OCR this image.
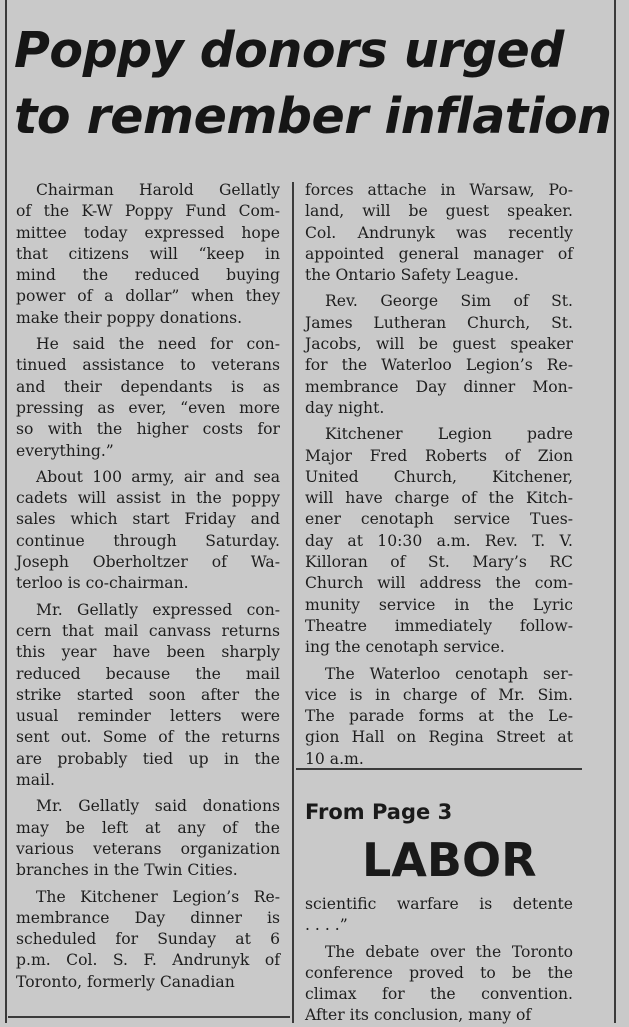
Poppy donors urged
to remember inflation

Chairman Harold Gellatly
of the K-W Poppy Fund Com-
mittee today expressed hope
that citizens will “keep in
mind the reduced buying
power of a dollar” when they
make their poppy donations.

He said the need for con-
tinued assistance to veterans
and their dependants is as
pressing as ever, “even more
so with the higher costs for
everything.”

About 100 army, air and sea
cadets will assist in the poppy
sales which start Friday and
continue through Saturday.
Joseph Oberholtzer of Wa-
terloo is co-chairman.

Mr. Gellatly expressed con-
cern that mail canvass returns
this year have been sharply
reduced because the mail
strike started soon after the
usual reminder letters were
sent out. Some of the returns
are probably tied up in the
mail.

Mr. Gellatly said donations
may be left at any of the
various veterans organization
branches in the Twin Cities.

The Kitchener Legion’s Re-
membrance Day dinner is
scheduled for Sunday at 6
p.m. Col. S. F. Andrunyk of
Toronto, formerly Canadian

forces attache in Warsaw, Po-
land, will be guest speaker.
Col. Andrunyk was recently
appointed general manager of
the Ontario Safety League.

Rev. George Sim of St.
James Lutheran Church, St.
Jacobs, will be guest speaker
for the Waterloo Legion’s Re-
membrance Day dinner Mon-
day night.

Kitchener Legion padre
Major Fred Roberts of Zion
United Church, Kitchener,
will have charge of the Kitch-
ener cenotaph service Tues-
day at 10:30 a.m. Rev. T. V.
Killoran of St. Mary’s RC
Church will address the com-
munity service in the Lyric
Theatre immediately follow-
ing the cenotaph service.

The Waterloo cenotaph ser-
vice is in charge of Mr. Sim.
The parade forms at the Le-
gion Hall on Regina Street at
10 a.m.

From Page 3
LABOR

scientific warfare is detente
. . . .”

The debate over the Toronto
conference proved to be the
climax for the convention.
After its conclusion, many of
